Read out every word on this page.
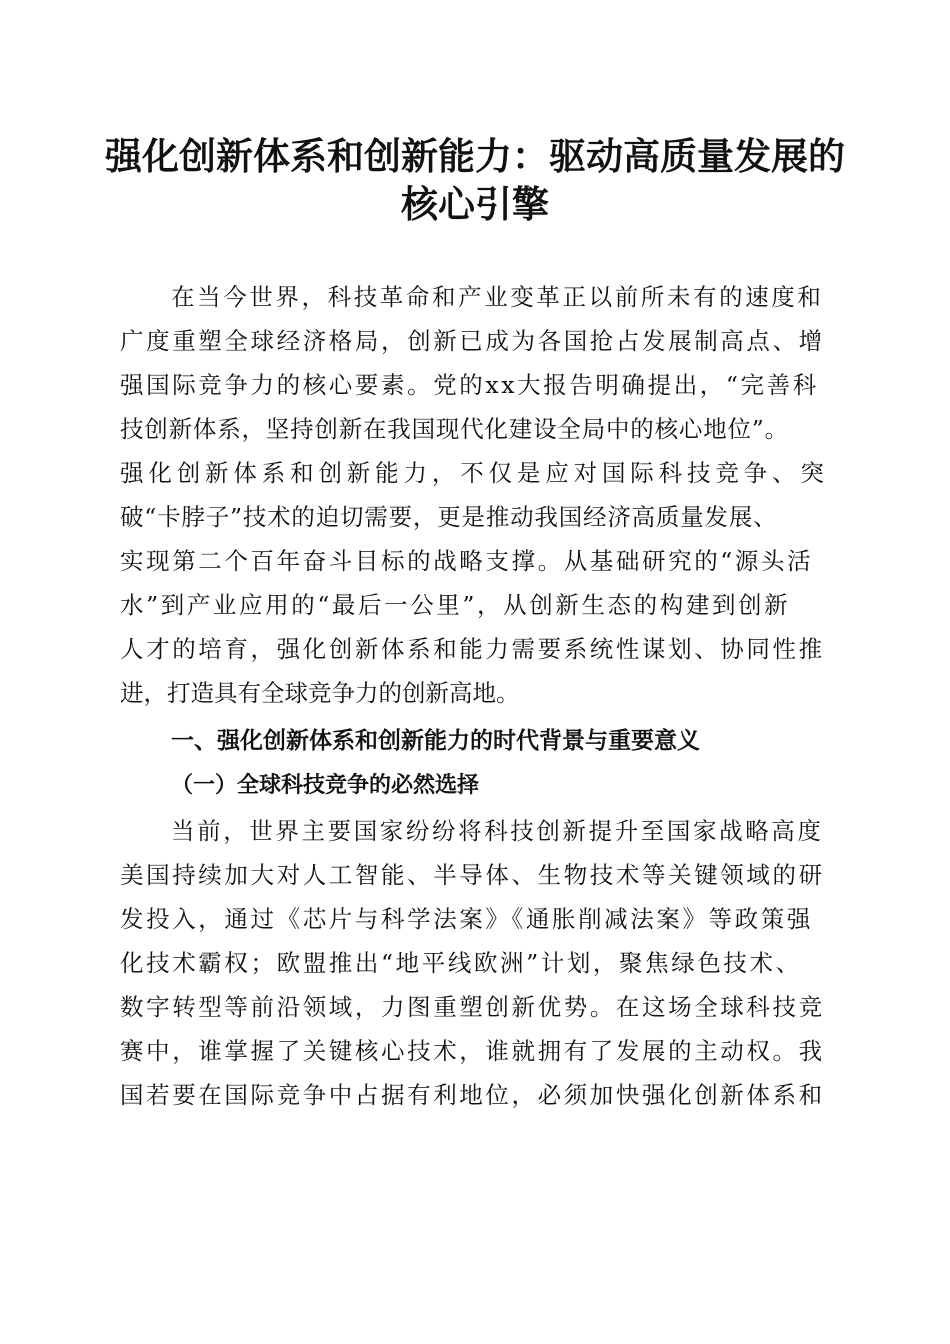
强化创新体系和创新能力：驱动高质量发展的
核心引擎
在当今世界，科技革命和产业变革正以前所未有的速度和
广度重塑全球经济格局，创新已成为各国抢占发展制高点、增
强国际竞争力的核心要素。党的xx大报告明确提出，“完善科
技创新体系，坚持创新在我国现代化建设全局中的核心地位”。
强化创新体系和创新能力，不仅是应对国际科技竞争、突
破“卡脖子”技术的迫切需要，更是推动我国经济高质量发展、
实现第二个百年奋斗目标的战略支撑。从基础研究的“源头活
水”到产业应用的“最后一公里”，从创新生态的构建到创新
人才的培育，强化创新体系和能力需要系统性谋划、协同性推
进，打造具有全球竞争力的创新高地。
一、强化创新体系和创新能力的时代背景与重要意义
（一）全球科技竞争的必然选择
当前，世界主要国家纷纷将科技创新提升至国家战略高度
美国持续加大对人工智能、半导体、生物技术等关键领域的研
发投入，通过《芯片与科学法案》《通胀削减法案》等政策强
化技术霸权；欧盟推出“地平线欧洲”计划，聚焦绿色技术、
数字转型等前沿领域，力图重塑创新优势。在这场全球科技竞
赛中，谁掌握了关键核心技术，谁就拥有了发展的主动权。我
国若要在国际竞争中占据有利地位，必须加快强化创新体系和
